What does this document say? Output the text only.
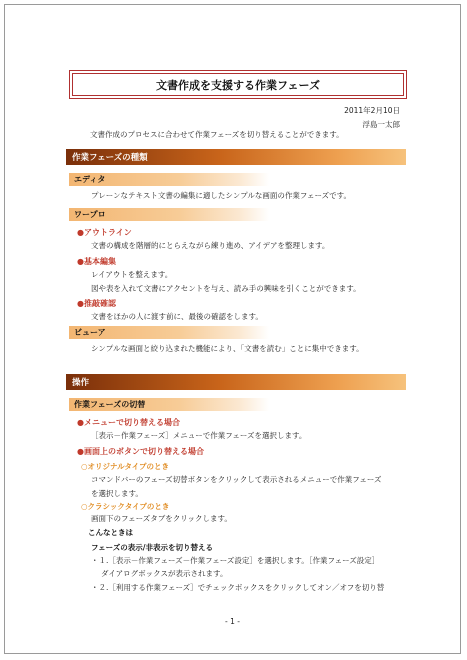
文書作成を支援する作業フェーズ
2011年2月10日
浮島一太郎
文書作成のプロセスに合わせて作業フェーズを切り替えることができます。
作業フェーズの種類
エディタ
プレーンなテキスト文書の編集に適したシンプルな画面の作業フェーズです。
ワープロ
●アウトライン
文書の構成を階層的にとらえながら練り進め、アイデアを整理します。
●基本編集
レイアウトを整えます。
図や表を入れて文書にアクセントを与え、読み手の興味を引くことができます。
●推敲確認
文書をほかの人に渡す前に、最後の確認をします。
ビューア
シンプルな画面と絞り込まれた機能により、「文書を読む」ことに集中できます。
操作
作業フェーズの切替
●メニューで切り替える場合
［表示－作業フェーズ］メニューで作業フェーズを選択します。
●画面上のボタンで切り替える場合
○オリジナルタイプのとき
コマンドバーのフェーズ切替ボタンをクリックして表示されるメニューで作業フェーズ
を選択します。
○クラシックタイプのとき
画面下のフェーズタブをクリックします。
こんなときは
フェーズの表示/非表示を切り替える
・１.［表示－作業フェーズ－作業フェーズ設定］を選択します。［作業フェーズ設定］
ダイアログボックスが表示されます。
・２.［利用する作業フェーズ］でチェックボックスをクリックしてオン／オフを切り替
- 1 -
